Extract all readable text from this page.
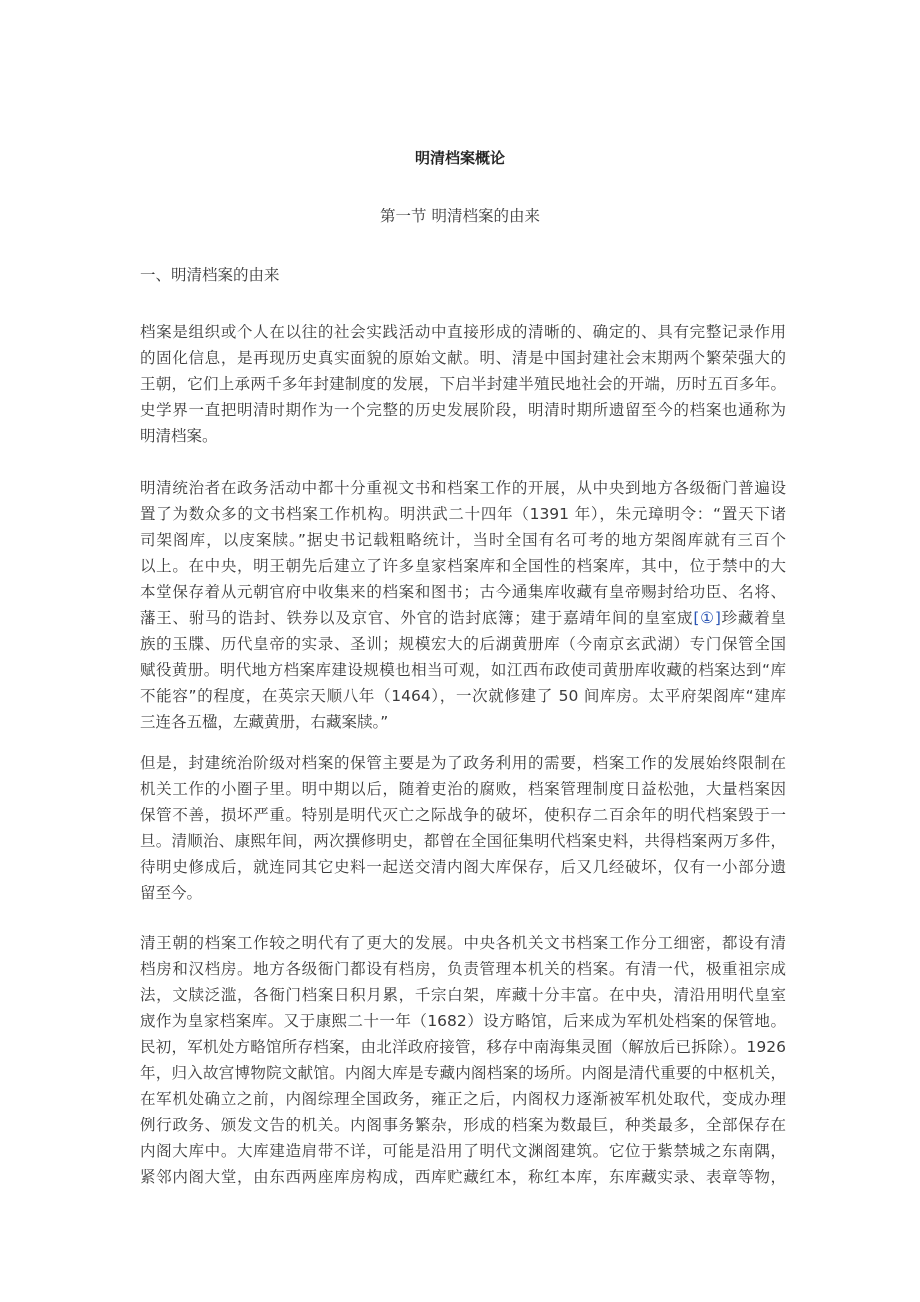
明清档案概论
第一节 明清档案的由来
一、明清档案的由来
档案是组织或个人在以往的社会实践活动中直接形成的清晰的、确定的、具有完整记录作用
的固化信息，是再现历史真实面貌的原始文献。明、清是中国封建社会末期两个繁荣强大的
王朝，它们上承两千多年封建制度的发展，下启半封建半殖民地社会的开端，历时五百多年。
史学界一直把明清时期作为一个完整的历史发展阶段，明清时期所遗留至今的档案也通称为
明清档案。
明清统治者在政务活动中都十分重视文书和档案工作的开展，从中央到地方各级衙门普遍设
置了为数众多的文书档案工作机构。明洪武二十四年（1391 年），朱元璋明令：“置天下诸
司架阁库，以庋案牍。”据史书记载粗略统计，当时全国有名可考的地方架阁库就有三百个
以上。在中央，明王朝先后建立了许多皇家档案库和全国性的档案库，其中，位于禁中的大
本堂保存着从元朝官府中收集来的档案和图书；古今通集库收藏有皇帝赐封给功臣、名将、
藩王、驸马的诰封、铁券以及京官、外官的诰封底簿；建于嘉靖年间的皇室宬[①]珍藏着皇
族的玉牒、历代皇帝的实录、圣训；规模宏大的后湖黄册库（今南京玄武湖）专门保管全国
赋役黄册。明代地方档案库建设规模也相当可观，如江西布政使司黄册库收藏的档案达到“库
不能容”的程度，在英宗天顺八年（1464），一次就修建了 50 间库房。太平府架阁库“建库
三连各五楹，左藏黄册，右藏案牍。”
但是，封建统治阶级对档案的保管主要是为了政务利用的需要，档案工作的发展始终限制在
机关工作的小圈子里。明中期以后，随着吏治的腐败，档案管理制度日益松弛，大量档案因
保管不善，损坏严重。特别是明代灭亡之际战争的破坏，使积存二百余年的明代档案毁于一
旦。清顺治、康熙年间，两次撰修明史，都曾在全国征集明代档案史料，共得档案两万多件，
待明史修成后，就连同其它史料一起送交清内阁大库保存，后又几经破坏，仅有一小部分遗
留至今。
清王朝的档案工作较之明代有了更大的发展。中央各机关文书档案工作分工细密，都设有清
档房和汉档房。地方各级衙门都设有档房，负责管理本机关的档案。有清一代，极重祖宗成
法，文牍泛滥，各衙门档案日积月累，千宗白架，库藏十分丰富。在中央，清沿用明代皇室
宬作为皇家档案库。又于康熙二十一年（1682）设方略馆，后来成为军机处档案的保管地。
民初，军机处方略馆所存档案，由北洋政府接管，移存中南海集灵囿（解放后已拆除）。1926
年，归入故宫博物院文献馆。内阁大库是专藏内阁档案的场所。内阁是清代重要的中枢机关，
在军机处确立之前，内阁综理全国政务，雍正之后，内阁权力逐渐被军机处取代，变成办理
例行政务、颁发文告的机关。内阁事务繁杂，形成的档案为数最巨，种类最多，全部保存在
内阁大库中。大库建造肩带不详，可能是沿用了明代文渊阁建筑。它位于紫禁城之东南隅，
紧邻内阁大堂，由东西两座库房构成，西库贮藏红本，称红本库，东库藏实录、表章等物，
